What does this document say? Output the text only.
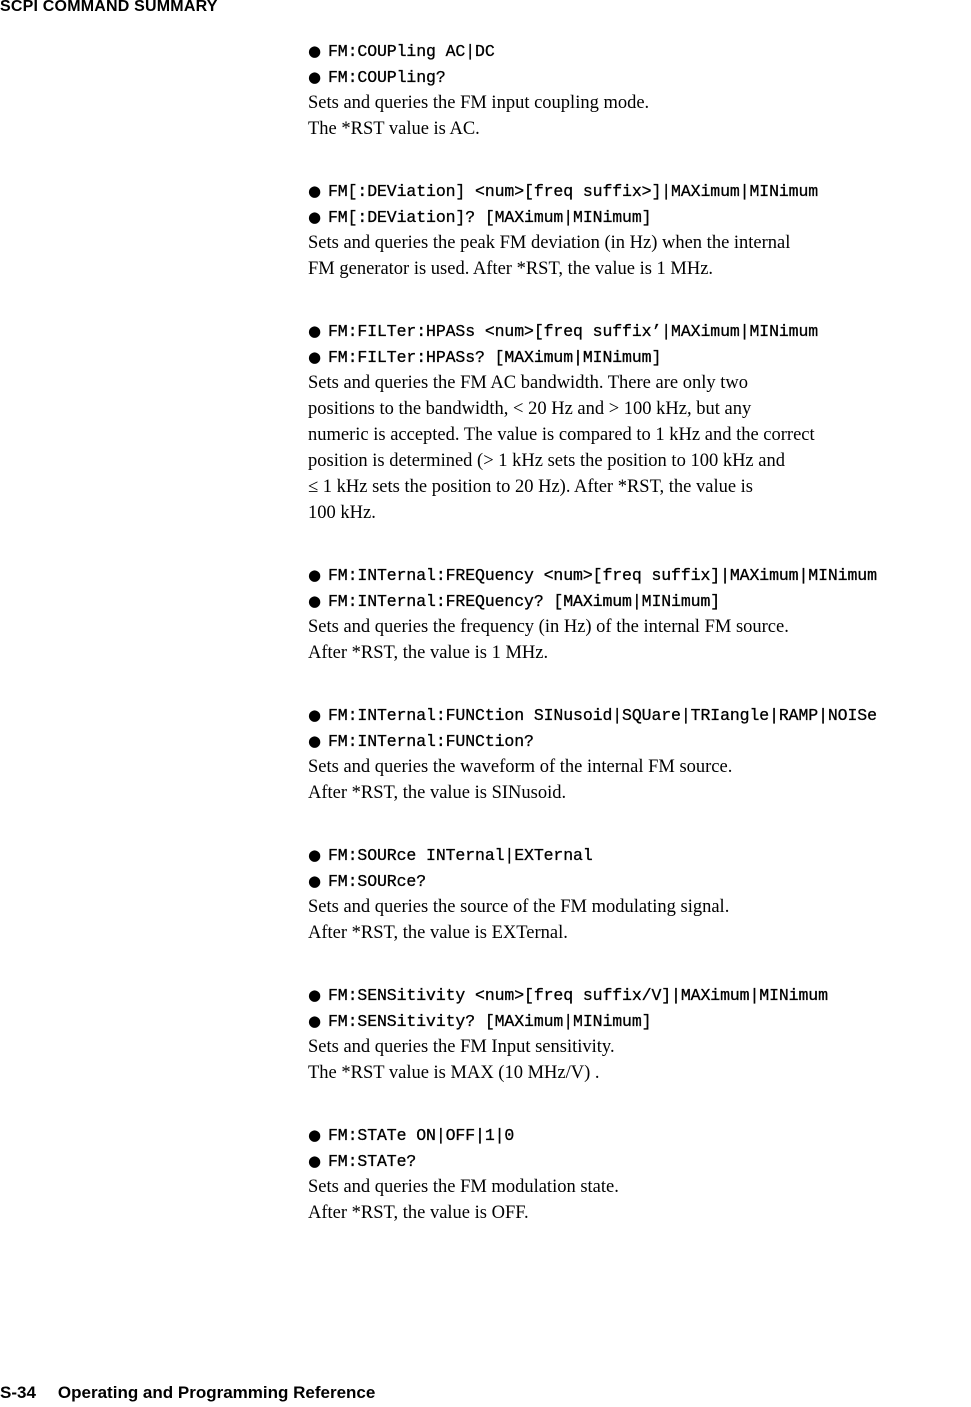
SCPI COMMAND SUMMARY
● FM:COUPling AC|DC
● FM:COUPling?
Sets and queries the FM input coupling mode.
The *RST value is AC.
● FM[:DEViation] <num>[freq suffix>]|MAXimum|MINimum
● FM[:DEViation]? [MAXimum|MINimum]
Sets and queries the peak FM deviation (in Hz) when the internal
FM generator is used. After *RST, the value is 1 MHz.
● FM:FILTer:HPASs <num>[freq suffix’|MAXimum|MINimum
● FM:FILTer:HPASs? [MAXimum|MINimum]
Sets and queries the FM AC bandwidth. There are only two
positions to the bandwidth, < 20 Hz and > 100 kHz, but any
numeric is accepted. The value is compared to 1 kHz and the correct
position is determined (> 1 kHz sets the position to 100 kHz and
≤ 1 kHz sets the position to 20 Hz). After *RST, the value is
100 kHz.
● FM:INTernal:FREQuency <num>[freq suffix]|MAXimum|MINimum
● FM:INTernal:FREQuency? [MAXimum|MINimum]
Sets and queries the frequency (in Hz) of the internal FM source.
After *RST, the value is 1 MHz.
● FM:INTernal:FUNCtion SINusoid|SQUare|TRIangle|RAMP|NOISe
● FM:INTernal:FUNCtion?
Sets and queries the waveform of the internal FM source.
After *RST, the value is SINusoid.
● FM:SOURce INTernal|EXTernal
● FM:SOURce?
Sets and queries the source of the FM modulating signal.
After *RST, the value is EXTernal.
● FM:SENSitivity <num>[freq suffix/V]|MAXimum|MINimum
● FM:SENSitivity? [MAXimum|MINimum]
Sets and queries the FM Input sensitivity.
The *RST value is MAX (10 MHz/V) .
● FM:STATe ON|OFF|1|0
● FM:STATe?
Sets and queries the FM modulation state.
After *RST, the value is OFF.
S-34 Operating and Programming Reference
